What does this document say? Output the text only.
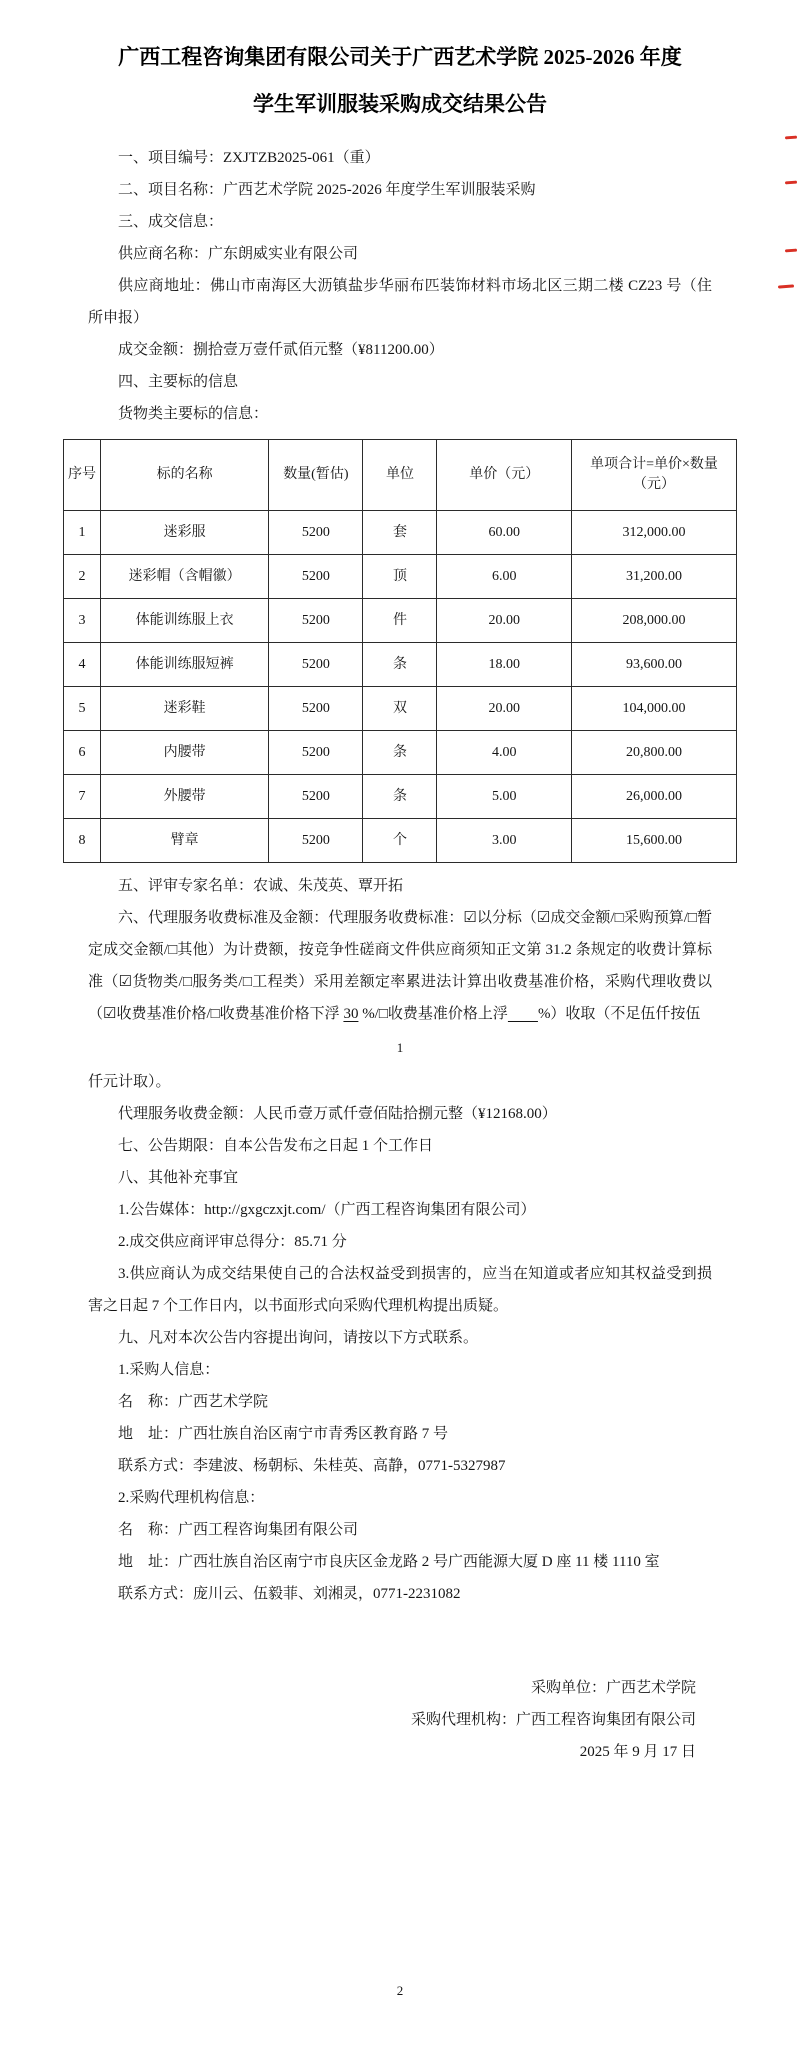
广西工程咨询集团有限公司关于广西艺术学院 2025-2026 年度
学生军训服装采购成交结果公告

一、项目编号：ZXJTZB2025-061（重）

二、项目名称：广西艺术学院 2025-2026 年度学生军训服装采购

三、成交信息：

供应商名称：广东朗威实业有限公司

供应商地址：佛山市南海区大沥镇盐步华丽布匹装饰材料市场北区三期二楼 CZ23 号（住所申报）

成交金额：捌拾壹万壹仟贰佰元整（¥811200.00）

四、主要标的信息

货物类主要标的信息：

序号	标的名称	数量(暂估)	单位	单价（元）	单项合计=单价×数量
（元）

1	迷彩服	5200	套	60.00	312,000.00
2	迷彩帽（含帽徽）	5200	顶	6.00	31,200.00
3	体能训练服上衣	5200	件	20.00	208,000.00
4	体能训练服短裤	5200	条	18.00	93,600.00
5	迷彩鞋	5200	双	20.00	104,000.00
6	内腰带	5200	条	4.00	20,800.00
7	外腰带	5200	条	5.00	26,000.00
8	臂章	5200	个	3.00	15,600.00

五、评审专家名单：农诚、朱茂英、覃开拓

六、代理服务收费标准及金额：代理服务收费标准：☑以分标（☑成交金额/□采购预算/□暂定成交金额/□其他）为计费额，按竞争性磋商文件供应商须知正文第 31.2 条规定的收费计算标准（☑货物类/□服务类/□工程类）采用差额定率累进法计算出收费基准价格，采购代理收费以（☑收费基准价格/□收费基准价格下浮 30 %/□收费基准价格上浮　　 %）收取（不足伍仟按伍

1

仟元计取）。

代理服务收费金额：人民币壹万贰仟壹佰陆拾捌元整（¥12168.00）

七、公告期限：自本公告发布之日起 1 个工作日

八、其他补充事宜

1.公告媒体：http://gxgczxjt.com/（广西工程咨询集团有限公司）

2.成交供应商评审总得分：85.71 分

3.供应商认为成交结果使自己的合法权益受到损害的，应当在知道或者应知其权益受到损害之日起 7 个工作日内，以书面形式向采购代理机构提出质疑。

九、凡对本次公告内容提出询问，请按以下方式联系。

1.采购人信息：

名　称：广西艺术学院

地　址：广西壮族自治区南宁市青秀区教育路 7 号

联系方式：李建波、杨朝标、朱桂英、高静，0771-5327987

2.采购代理机构信息：

名　称：广西工程咨询集团有限公司

地　址：广西壮族自治区南宁市良庆区金龙路 2 号广西能源大厦 D 座 11 楼 1110 室

联系方式：庞川云、伍毅菲、刘湘灵，0771-2231082

采购单位：广西艺术学院

采购代理机构：广西工程咨询集团有限公司

2025 年 9 月 17 日

2
